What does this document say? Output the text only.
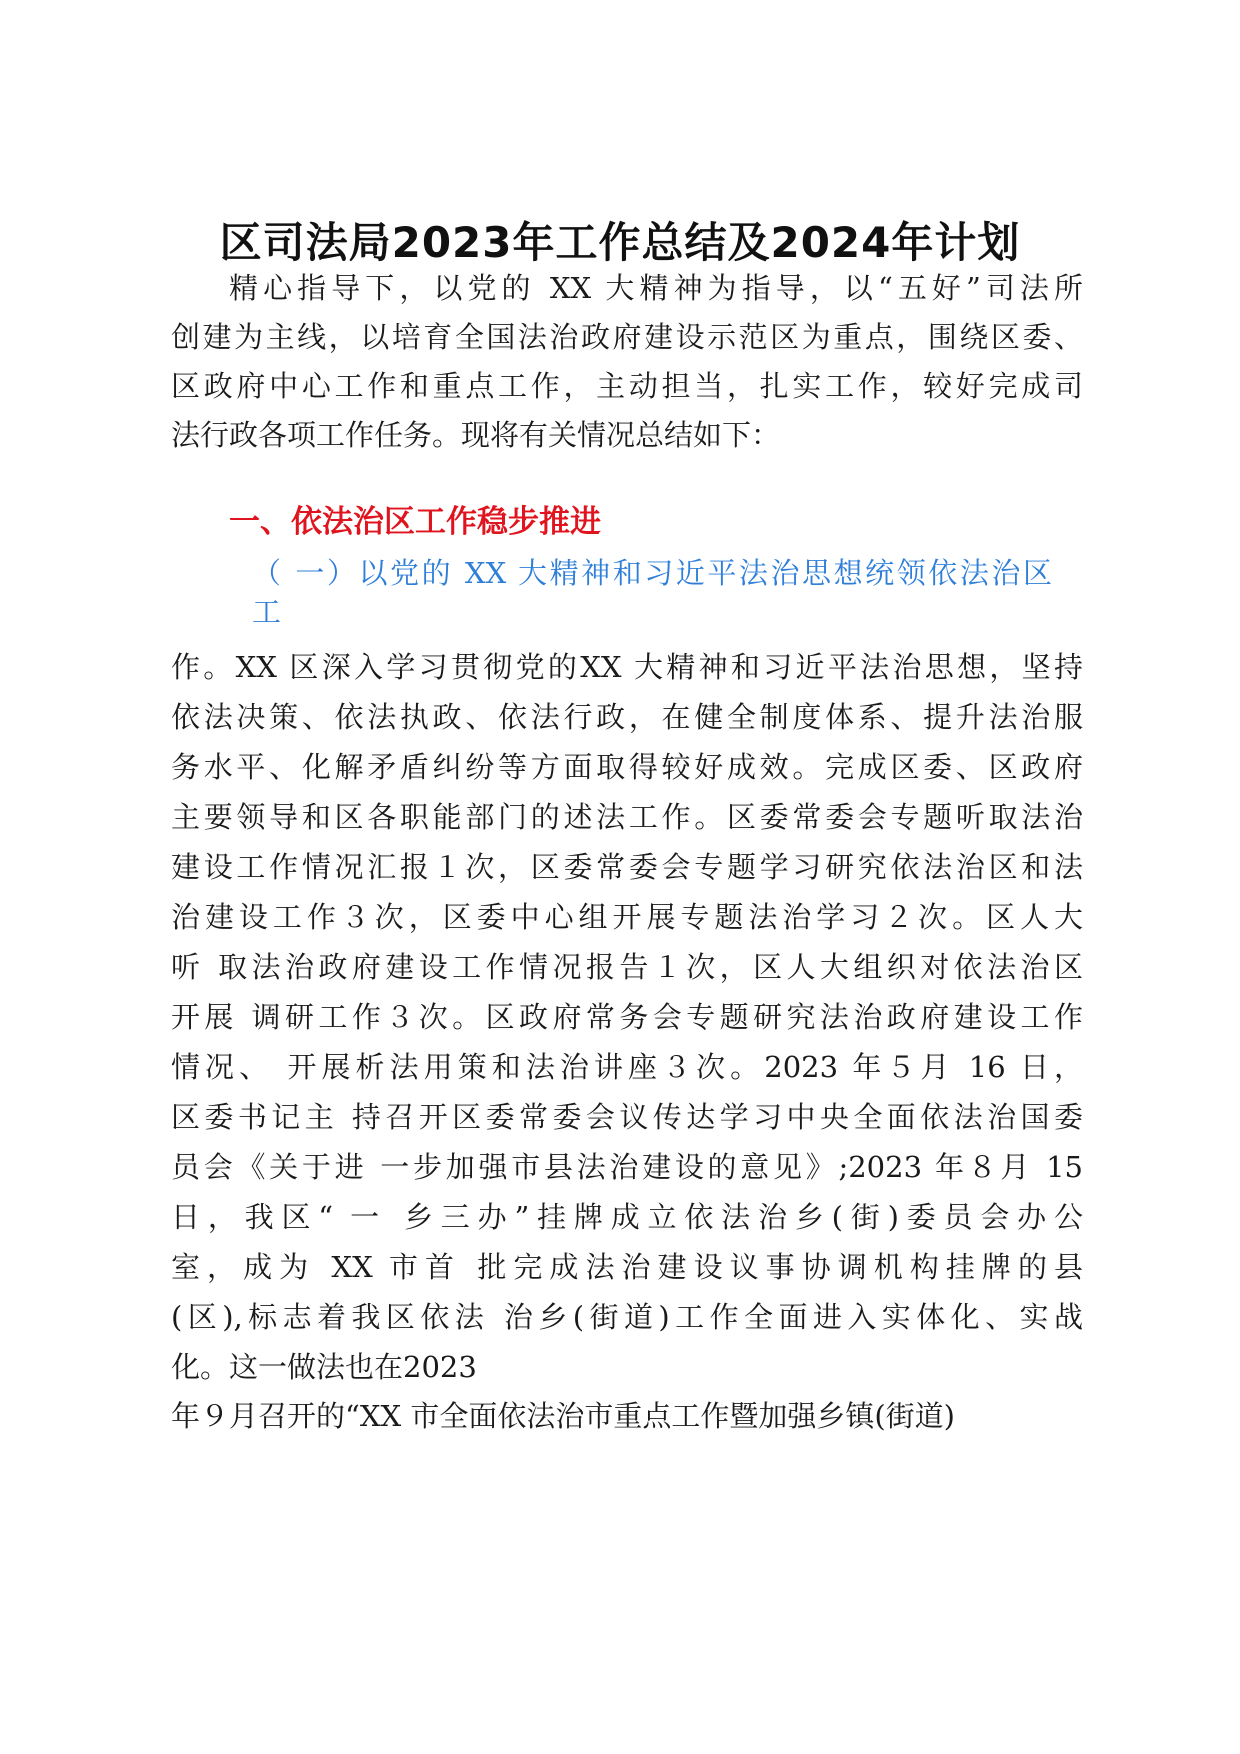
区司法局2023年工作总结及2024年计划
精心指导下，以党的 XX 大精神为指导，以“五好”司法所
创建为主线，以培育全国法治政府建设示范区为重点，围绕区委、
区政府中心工作和重点工作，主动担当，扎实工作，较好完成司
法行政各项工作任务。现将有关情况总结如下：
一、依法治区工作稳步推进
（ 一）以党的 XX 大精神和习近平法治思想统领依法治区
工
作。XX 区深入学习贯彻党的XX 大精神和习近平法治思想，坚持
依法决策、依法执政、依法行政，在健全制度体系、提升法治服
务水平、化解矛盾纠纷等方面取得较好成效。完成区委、区政府
主要领导和区各职能部门的述法工作。区委常委会专题听取法治
建设工作情况汇报１次，区委常委会专题学习研究依法治区和法
治建设工作３次，区委中心组开展专题法治学习２次。区人大
听 取法治政府建设工作情况报告１次，区人大组织对依法治区
开展 调研工作３次。区政府常务会专题研究法治政府建设工作
情况、 开展析法用策和法治讲座３次。2023 年５月 16 日，
区委书记主 持召开区委常委会议传达学习中央全面依法治国委
员会《关于进 一步加强市县法治建设的意见》;2023 年８月 15
日，我区“ 一 乡三办”挂牌成立依法治乡(街)委员会办公
室，成为 XX 市首 批完成法治建设议事协调机构挂牌的县
(区),标志着我区依法 治乡(街道)工作全面进入实体化、实战
化。这一做法也在2023
年９月召开的“XX 市全面依法治市重点工作暨加强乡镇(街道)
